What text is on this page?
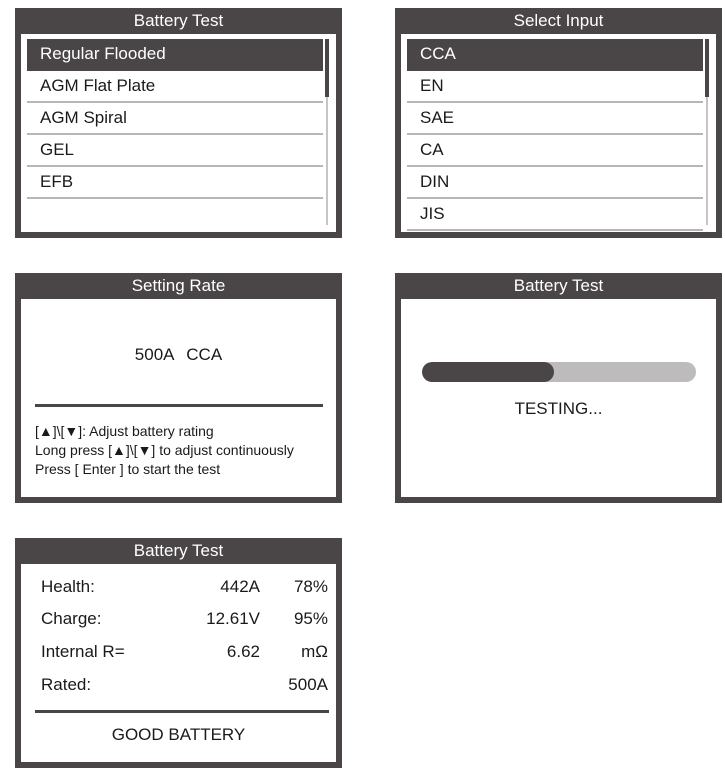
Battery Test
Regular Flooded
AGM Flat Plate
AGM Spiral
GEL
EFB
Select Input
CCA
EN
SAE
CA
DIN
JIS
Setting Rate
500A CCA
[▲]\[▼]: Adjust battery rating
Long press [▲]\[▼] to adjust continuously
Press [ Enter ] to start the test
Battery Test
TESTING...
Battery Test
Health:	442A 78%
Charge:	12.61V 95%
Internal R=	6.62 mΩ
Rated:	500A
GOOD BATTERY
